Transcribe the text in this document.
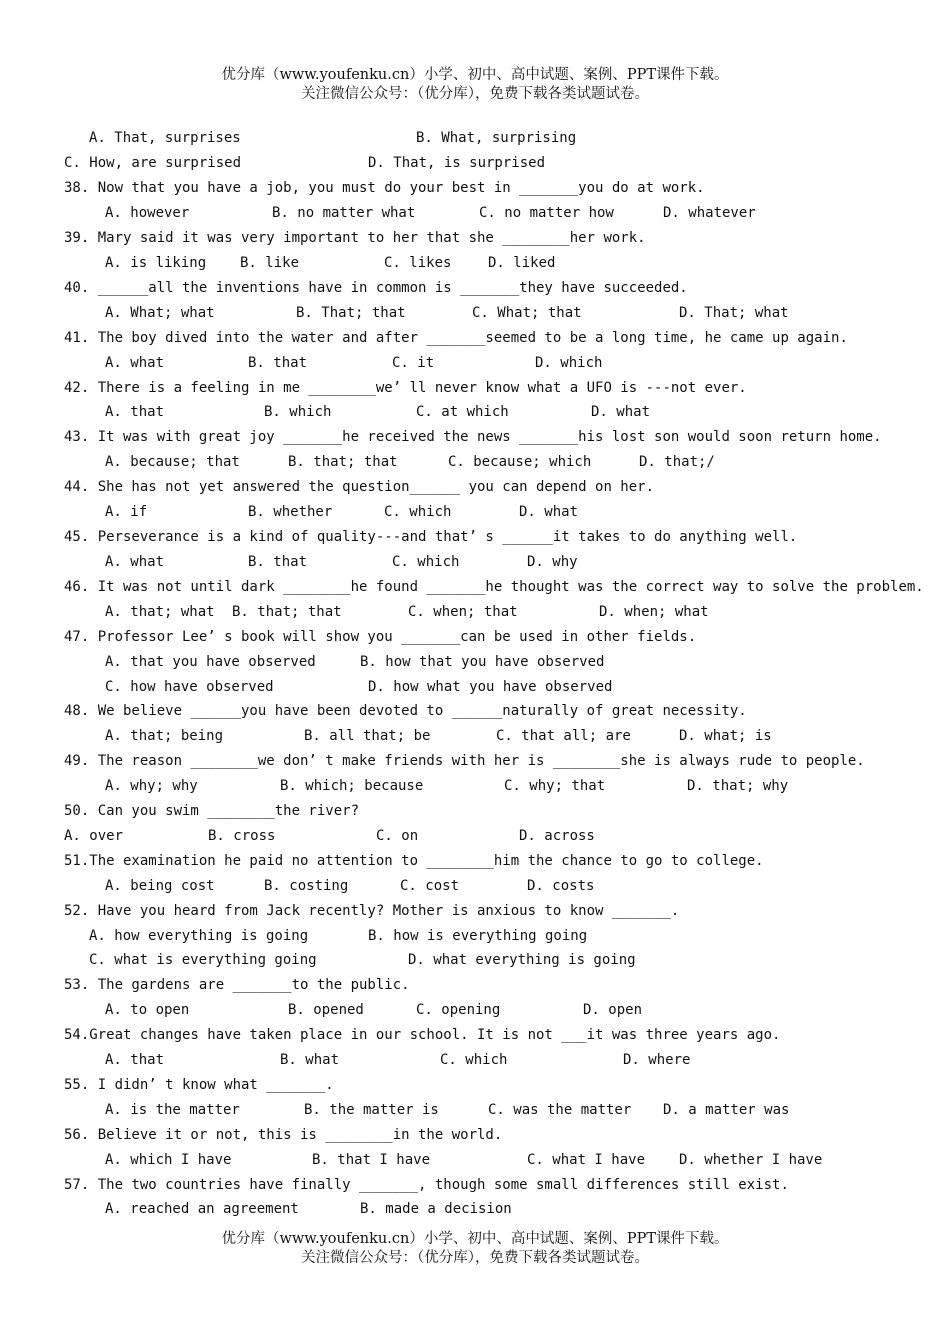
优分库（www.youfenku.cn）小学、初中、高中试题、案例、PPT课件下载。
关注微信公众号：（优分库），免费下载各类试题试卷。
A. That, surprises	B. What, surprising
C. How, are surprised	D. That, is surprised
38. Now that you have a job, you must do your best in _______you do at work.
A. however	B. no matter what	C. no matter how	D. whatever
39. Mary said it was very important to her that she ________her work.
A. is liking B. like	C. likes	D. liked
40. ______all the inventions have in common is _______they have succeeded.
A. What; what	B. That; that	C. What; that	D. That; what
41. The boy dived into the water and after _______seemed to be a long time, he came up again.
A. what	B. that	C. it	D. which
42. There is a feeling in me ________we’ ll never know what a UFO is ---not ever.
A. that	B. which	C. at which	D. what
43. It was with great joy _______he received the news _______his lost son would soon return home.
A. because; that	B. that; that	C. because; which	D. that;/
44. She has not yet answered the question______ you can depend on her.
A. if	B. whether	C. which	D. what
45. Perseverance is a kind of quality---and that’ s ______it takes to do anything well.
A. what	B. that	C. which	D. why
46. It was not until dark ________he found _______he thought was the correct way to solve the problem.
A. that; what B. that; that	C. when; that	D. when; what
47. Professor Lee’ s book will show you _______can be used in other fields.
A. that you have observed	B. how that you have observed
C. how have observed	D. how what you have observed
48. We believe ______you have been devoted to ______naturally of great necessity.
A. that; being	B. all that; be	C. that all; are	D. what; is
49. The reason ________we don’ t make friends with her is ________she is always rude to people.
A. why; why	B. which; because	C. why; that	D. that; why
50. Can you swim ________the river?
A. over	B. cross	C. on	D. across
51.The examination he paid no attention to ________him the chance to go to college.
A. being cost	B. costing	C. cost	D. costs
52. Have you heard from Jack recently? Mother is anxious to know _______.
A. how everything is going	B. how is everything going
C. what is everything going	D. what everything is going
53. The gardens are _______to the public.
A. to open	B. opened	C. opening	D. open
54.Great changes have taken place in our school. It is not ___it was three years ago.
A. that	B. what	C. which	D. where
55. I didn’ t know what _______.
A. is the matter	B. the matter is	C. was the matter D. a matter was
56. Believe it or not, this is ________in the world.
A. which I have	B. that I have	C. what I have D. whether I have
57. The two countries have finally _______, though some small differences still exist.
A. reached an agreement	B. made a decision
优分库（www.youfenku.cn）小学、初中、高中试题、案例、PPT课件下载。
关注微信公众号：（优分库），免费下载各类试题试卷。
